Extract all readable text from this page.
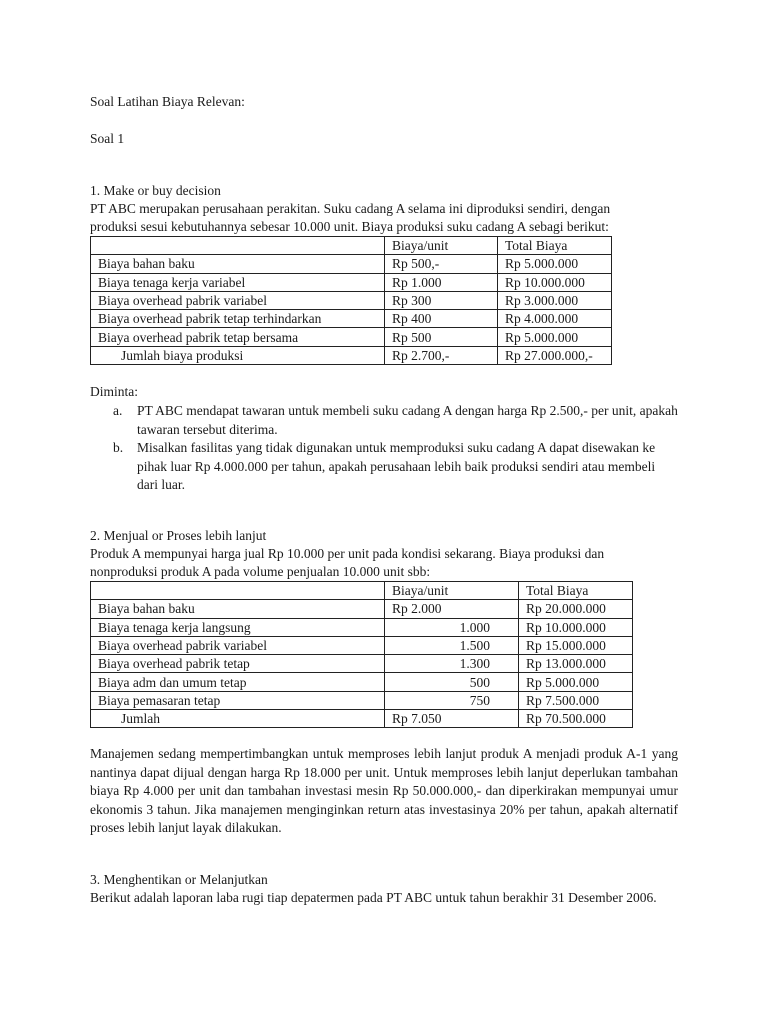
Soal Latihan Biaya Relevan:
Soal 1
1. Make or buy decision
PT ABC merupakan perusahaan perakitan. Suku cadang A selama ini diproduksi sendiri, dengan
produksi sesui kebutuhannya sebesar 10.000 unit. Biaya produksi suku cadang A sebagi berikut:
	Biaya/unit	Total Biaya
Biaya bahan baku	Rp 500,-	Rp 5.000.000
Biaya tenaga kerja variabel	Rp 1.000	Rp 10.000.000
Biaya overhead pabrik variabel	Rp 300	Rp 3.000.000
Biaya overhead pabrik tetap terhindarkan	Rp 400	Rp 4.000.000
Biaya overhead pabrik tetap bersama	Rp 500	Rp 5.000.000
Jumlah biaya produksi	Rp 2.700,-	Rp 27.000.000,-
Diminta:
a. PT ABC mendapat tawaran untuk membeli suku cadang A dengan harga Rp 2.500,- per unit, apakah tawaran tersebut diterima.
b. Misalkan fasilitas yang tidak digunakan untuk memproduksi suku cadang A dapat disewakan ke pihak luar Rp 4.000.000 per tahun, apakah perusahaan lebih baik produksi sendiri atau membeli dari luar.
2. Menjual or Proses lebih lanjut
Produk A mempunyai harga jual Rp 10.000 per unit pada kondisi sekarang. Biaya produksi dan
nonproduksi produk A pada volume penjualan 10.000 unit sbb:
	Biaya/unit	Total Biaya
Biaya bahan baku	Rp 2.000	Rp 20.000.000
Biaya tenaga kerja langsung	1.000	Rp 10.000.000
Biaya overhead pabrik variabel	1.500	Rp 15.000.000
Biaya overhead pabrik tetap	1.300	Rp 13.000.000
Biaya adm dan umum tetap	500	Rp 5.000.000
Biaya pemasaran tetap	750	Rp 7.500.000
Jumlah	Rp 7.050	Rp 70.500.000
Manajemen sedang mempertimbangkan untuk memproses lebih lanjut produk A menjadi produk A-1 yang nantinya dapat dijual dengan harga Rp 18.000 per unit. Untuk memproses lebih lanjut deperlukan tambahan biaya Rp 4.000 per unit dan tambahan investasi mesin Rp 50.000.000,- dan diperkirakan mempunyai umur ekonomis 3 tahun. Jika manajemen menginginkan return atas investasinya 20% per tahun, apakah alternatif proses lebih lanjut layak dilakukan.
3. Menghentikan or Melanjutkan
Berikut adalah laporan laba rugi tiap depatermen pada PT ABC untuk tahun berakhir 31 Desember 2006.
